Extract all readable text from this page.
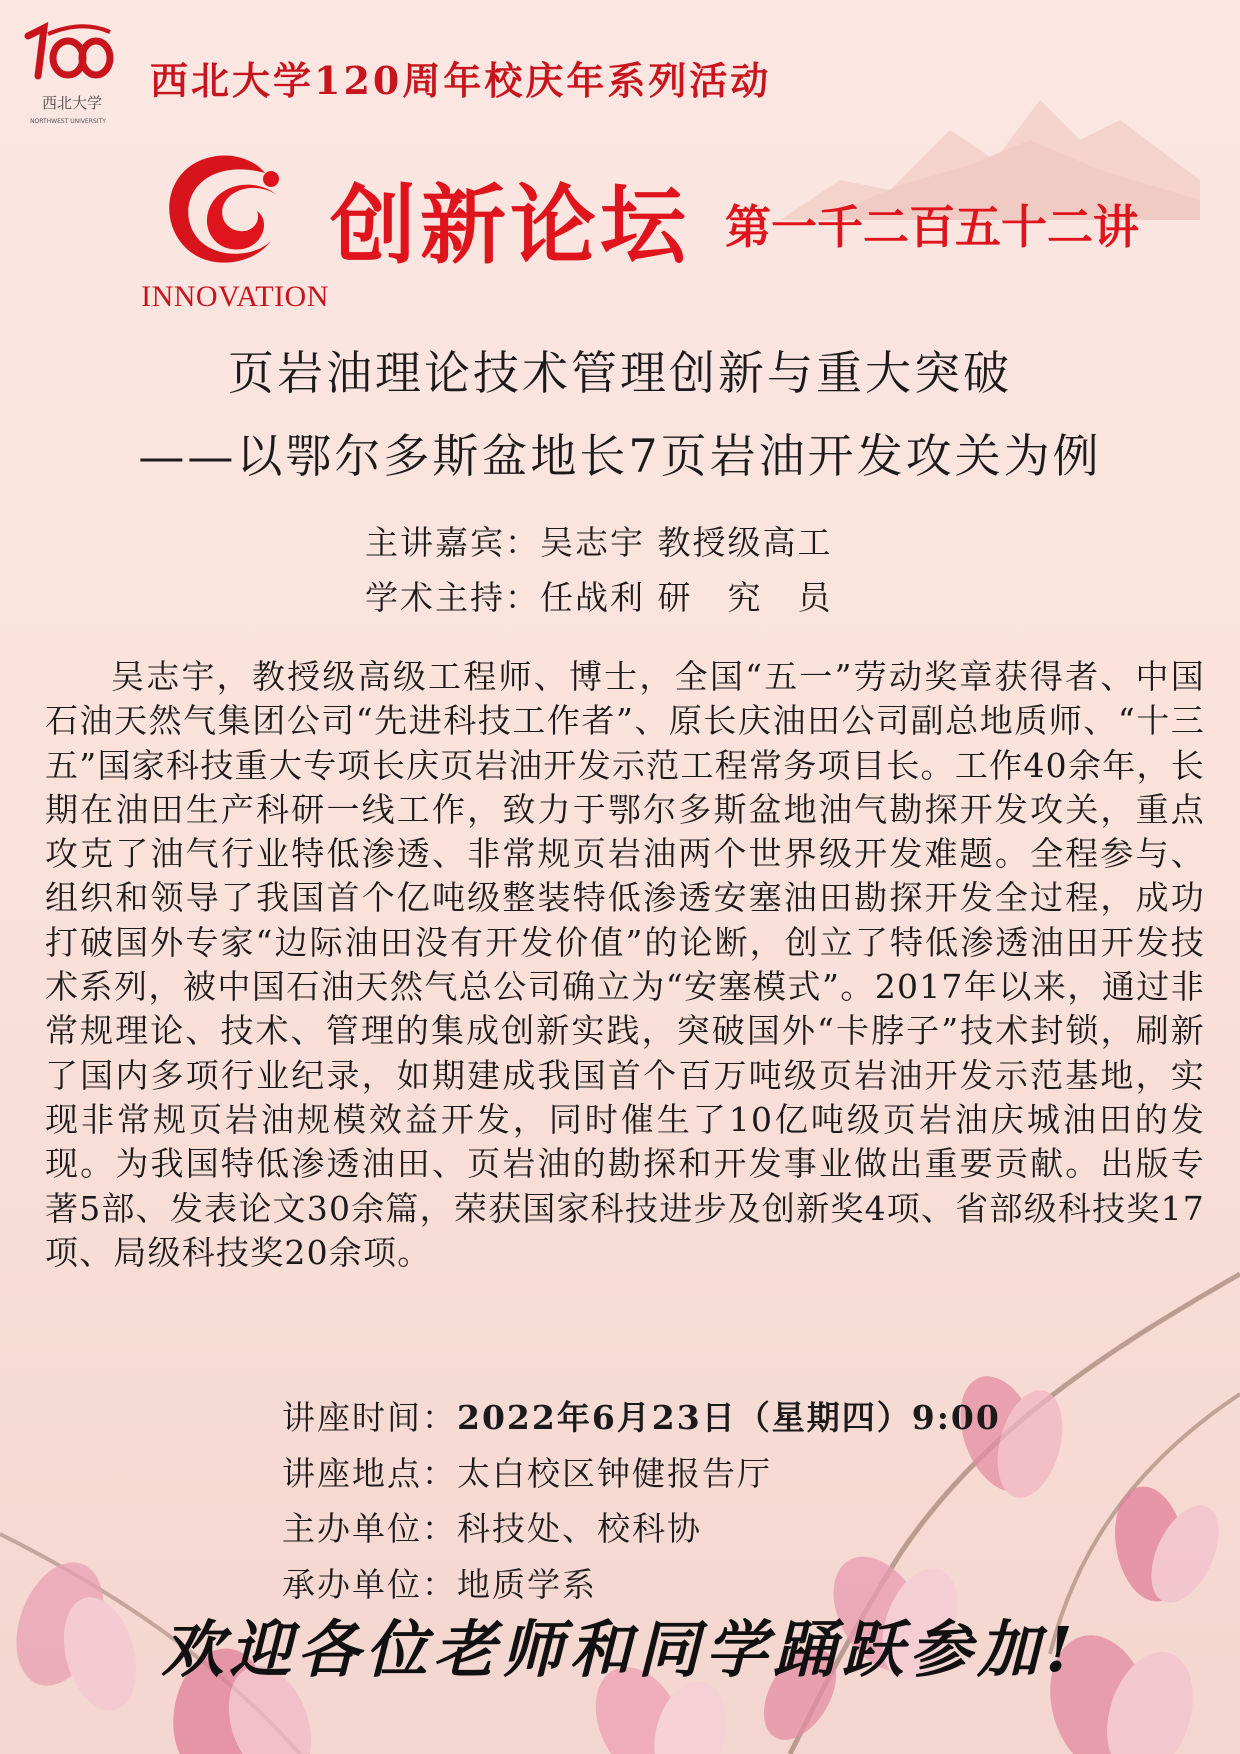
西北大学
NORTHWEST UNIVERSITY
西北大学120周年校庆年系列活动
INNOVATION
创新论坛 第一千二百五十二讲
页岩油理论技术管理创新与重大突破
——以鄂尔多斯盆地长7页岩油开发攻关为例
主讲嘉宾：吴志宇 教授级高工
学术主持：任战利 研　究　员
吴志宇，教授级高级工程师、博士，全国“五一”劳动奖章获得者、中国石油天然气集团公司“先进科技工作者”、原长庆油田公司副总地质师、“十三五”国家科技重大专项长庆页岩油开发示范工程常务项目长。工作40余年，长期在油田生产科研一线工作，致力于鄂尔多斯盆地油气勘探开发攻关，重点攻克了油气行业特低渗透、非常规页岩油两个世界级开发难题。全程参与、组织和领导了我国首个亿吨级整装特低渗透安塞油田勘探开发全过程，成功打破国外专家“边际油田没有开发价值”的论断，创立了特低渗透油田开发技术系列，被中国石油天然气总公司确立为“安塞模式”。2017年以来，通过非常规理论、技术、管理的集成创新实践，突破国外“卡脖子”技术封锁，刷新了国内多项行业纪录，如期建成我国首个百万吨级页岩油开发示范基地，实现非常规页岩油规模效益开发，同时催生了10亿吨级页岩油庆城油田的发现。为我国特低渗透油田、页岩油的勘探和开发事业做出重要贡献。出版专著5部、发表论文30余篇，荣获国家科技进步及创新奖4项、省部级科技奖17项、局级科技奖20余项。
讲座时间：2022年6月23日（星期四）9:00
讲座地点：太白校区钟健报告厅
主办单位：科技处、校科协
承办单位：地质学系
欢迎各位老师和同学踊跃参加!
